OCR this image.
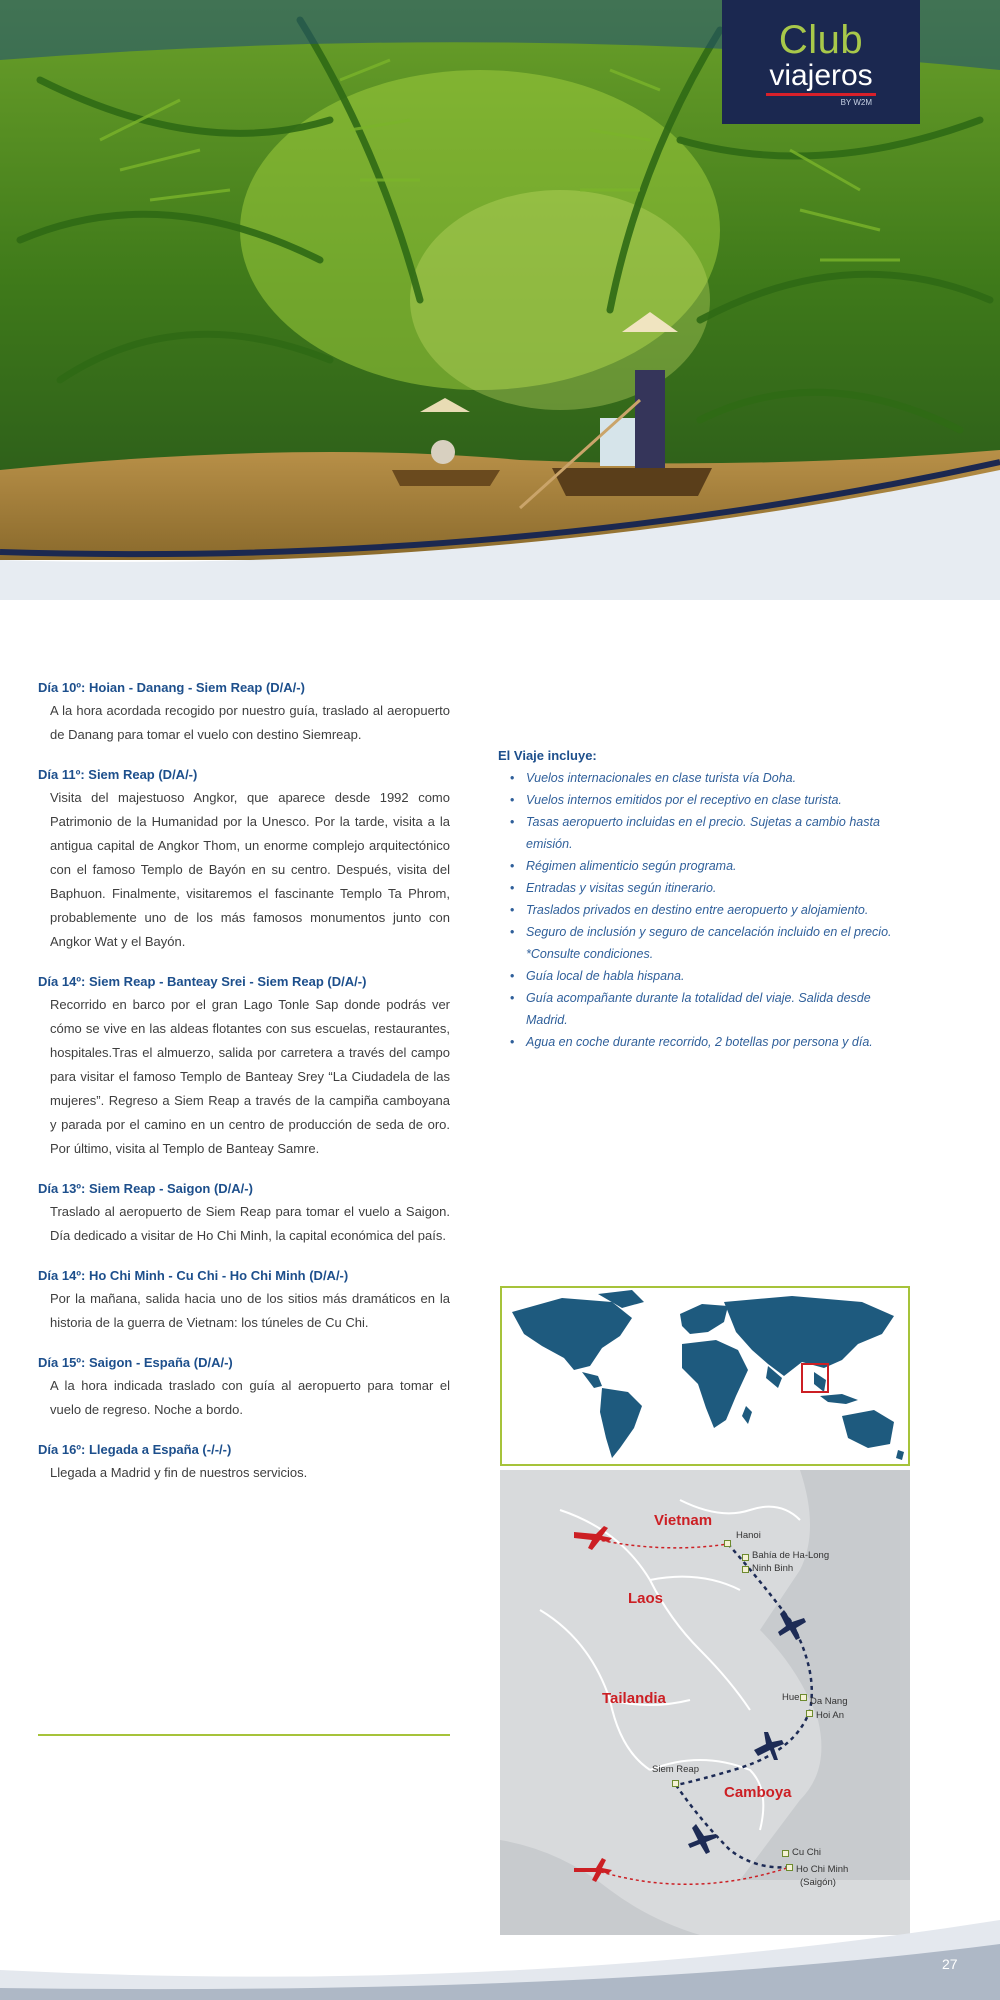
Club
viajeros
BY W2M
Día 10º: Hoian - Danang - Siem Reap (D/A/-)

A la hora acordada recogido por nuestro guía, traslado al aeropuerto de Danang para tomar el vuelo con destino Siemreap.

Día 11º: Siem Reap (D/A/-)

Visita del majestuoso Angkor, que aparece desde 1992 como Patrimonio de la Humanidad por la Unesco. Por la tarde, visita a la antigua capital de Angkor Thom, un enorme complejo arquitectónico con el famoso Templo de Bayón en su centro. Después, visita del Baphuon. Finalmente, visitaremos el fascinante Templo Ta Phrom, probablemente uno de los más famosos monumentos junto con Angkor Wat y el Bayón.

Día 14º: Siem Reap - Banteay Srei - Siem Reap (D/A/-)

Recorrido en barco por el gran Lago Tonle Sap donde podrás ver cómo se vive en las aldeas flotantes con sus escuelas, restaurantes, hospitales.Tras el almuerzo, salida por carretera a través del campo para visitar el famoso Templo de Banteay Srey “La Ciudadela de las mujeres”. Regreso a Siem Reap a través de la campiña camboyana y parada por el camino en un centro de producción de seda de oro. Por último, visita al Templo de Banteay Samre.

Día 13º: Siem Reap - Saigon (D/A/-)

Traslado al aeropuerto de Siem Reap para tomar el vuelo a Saigon. Día dedicado a visitar de Ho Chi Minh, la capital económica del país.

Día 14º: Ho Chi Minh - Cu Chi - Ho Chi Minh (D/A/-)

Por la mañana, salida hacia uno de los sitios más dramáticos en la historia de la guerra de Vietnam: los túneles de Cu Chi.

Día 15º: Saigon - España (D/A/-)

A la hora indicada traslado con guía al aeropuerto para tomar el vuelo de regreso. Noche a bordo.

Día 16º: Llegada a España (-/-/-)

Llegada a Madrid y fin de nuestros servicios.

El Viaje incluye:
• Vuelos internacionales en clase turista vía Doha.
• Vuelos internos emitidos por el receptivo en clase turista.
• Tasas aeropuerto incluidas en el precio. Sujetas a cambio hasta emisión.
• Régimen alimenticio según programa.
• Entradas y visitas según itinerario.
• Traslados privados en destino entre aeropuerto y alojamiento.
• Seguro de inclusión y seguro de cancelación incluido en el precio. *Consulte condiciones.
• Guía local de habla hispana.
• Guía acompañante durante la totalidad del viaje. Salida desde Madrid.
• Agua en coche durante recorrido, 2 botellas por persona y día.
Vietnam
Laos
Tailandia
Camboya
Hanoi
Bahía de Ha-Long
Ninh Binh
Hue Da Nang
Hoi An
Siem Reap
Cu Chi
Ho Chi Minh
(Saigón)
27
